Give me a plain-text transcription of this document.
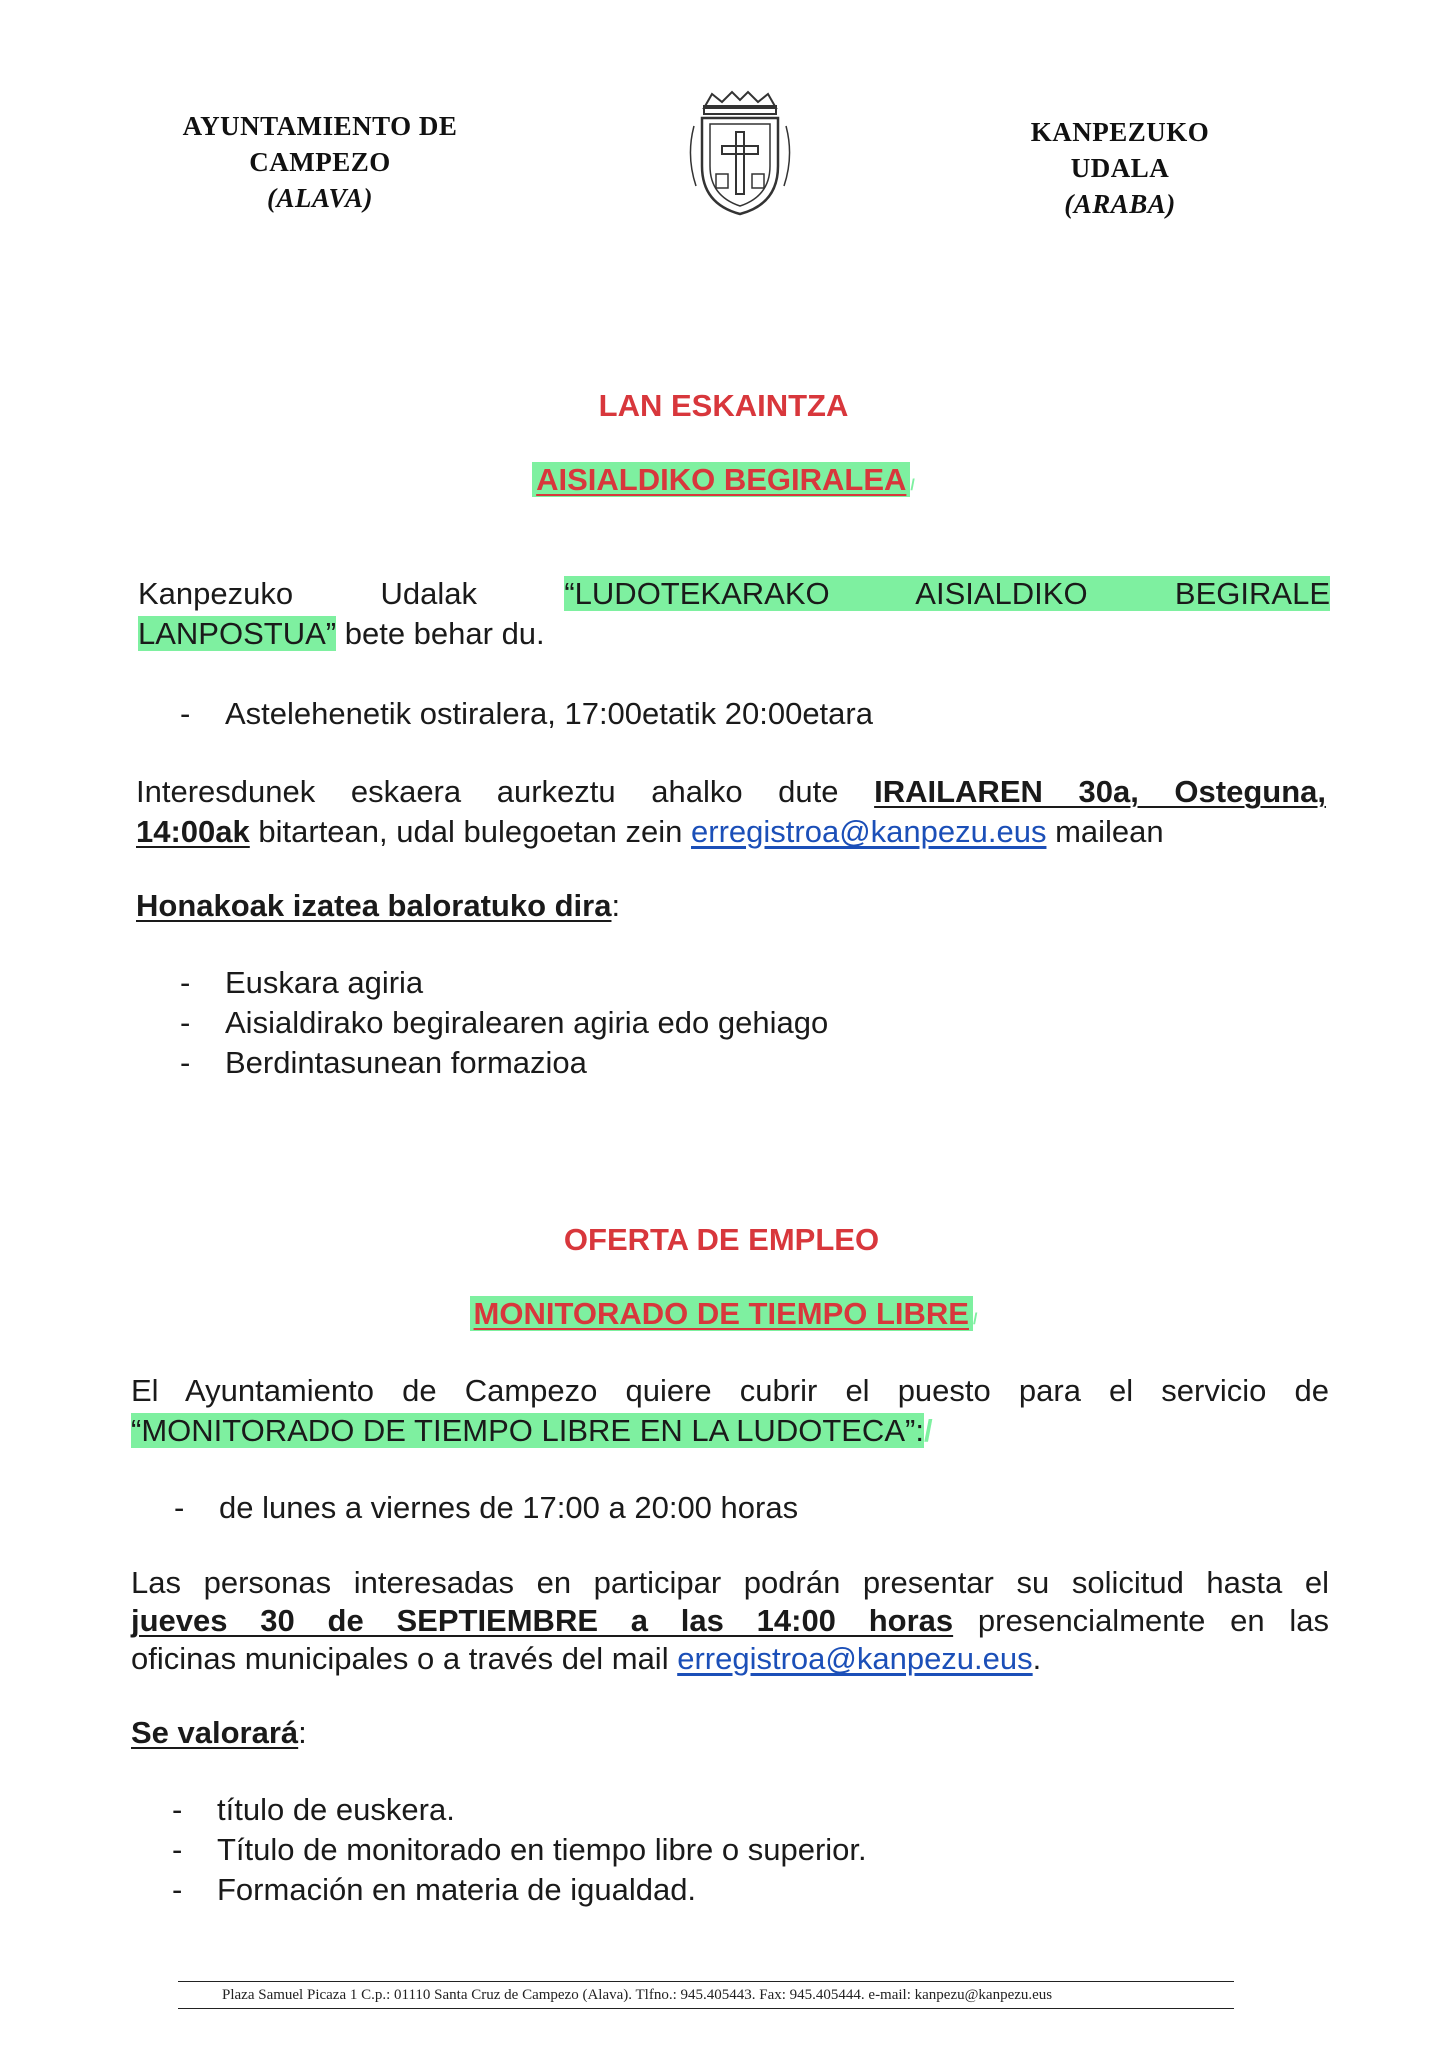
AYUNTAMIENTO DE
CAMPEZO
(ALAVA)
KANPEZUKO
UDALA
(ARABA)
LAN ESKAINTZA
AISIALDIKO BEGIRALEA /
Kanpezuko Udalak	“LUDOTEKARAKO AISIALDIKO BEGIRALE
LANPOSTUA” bete behar du.
- Astelehenetik ostiralera, 17:00etatik 20:00etara
Interesdunek eskaera aurkeztu ahalko dute IRAILAREN 30a, Osteguna,
14:00ak bitartean, udal bulegoetan zein erregistroa@kanpezu.eus mailean
Honakoak izatea baloratuko dira:
- Euskara agiria
- Aisialdirako begiralearen agiria edo gehiago
- Berdintasunean formazioa
OFERTA DE EMPLEO
MONITORADO DE TIEMPO LIBRE /
El Ayuntamiento de Campezo quiere cubrir el puesto para el servicio de
“MONITORADO DE TIEMPO LIBRE EN LA LUDOTECA”:/
- de lunes a viernes de 17:00 a 20:00 horas
Las personas interesadas en participar podrán presentar su solicitud hasta el
jueves 30 de SEPTIEMBRE a las 14:00 horas presencialmente en las
oficinas municipales o a través del mail erregistroa@kanpezu.eus.
Se valorará:
- título de euskera.
- Título de monitorado en tiempo libre o superior.
- Formación en materia de igualdad.
Plaza Samuel Picaza 1 C.p.: 01110 Santa Cruz de Campezo (Alava). Tlfno.: 945.405443. Fax: 945.405444. e-mail: kanpezu@kanpezu.eus
